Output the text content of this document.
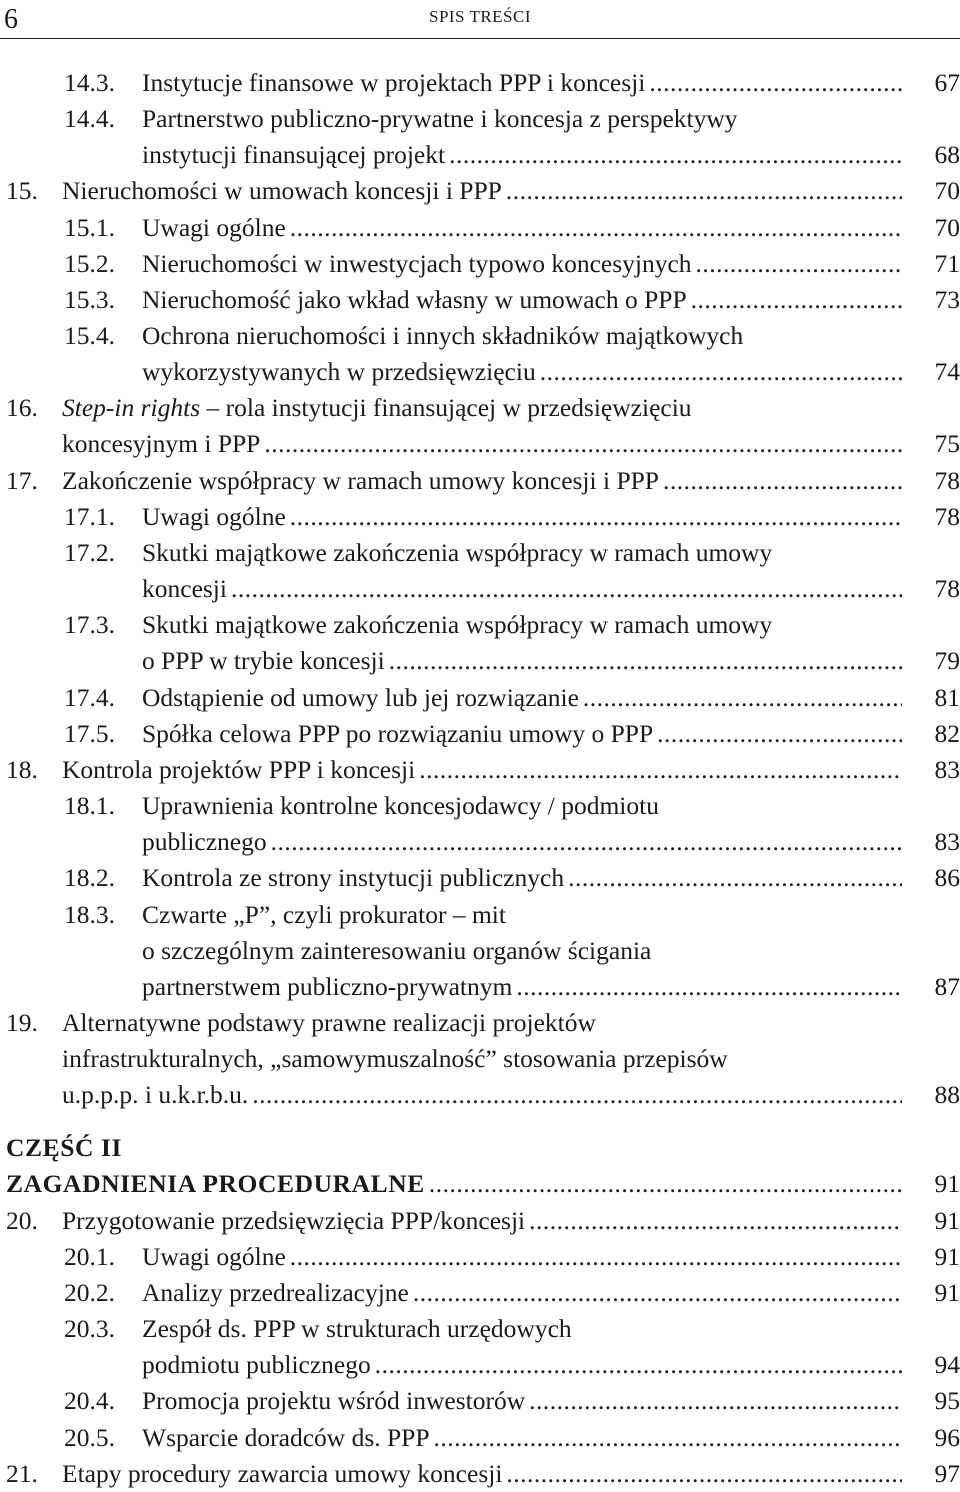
6	SPIS TREŚCI
14.3. Instytucje finansowe w projektach PPP i koncesji .....	67
14.4. Partnerstwo publiczno-prywatne i koncesja z perspektywy
instytucji finansującej projekt .....	68
15. Nieruchomości w umowach koncesji i PPP .....	70
15.1. Uwagi ogólne .....	70
15.2. Nieruchomości w inwestycjach typowo koncesyjnych .....	71
15.3. Nieruchomość jako wkład własny w umowach o PPP .....	73
15.4. Ochrona nieruchomości i innych składników majątkowych
wykorzystywanych w przedsięwzięciu .....	74
16. Step-in rights – rola instytucji finansującej w przedsięwzięciu
koncesyjnym i PPP .....	75
17. Zakończenie współpracy w ramach umowy koncesji i PPP .....	78
17.1. Uwagi ogólne .....	78
17.2. Skutki majątkowe zakończenia współpracy w ramach umowy
koncesji .....	78
17.3. Skutki majątkowe zakończenia współpracy w ramach umowy
o PPP w trybie koncesji .....	79
17.4. Odstąpienie od umowy lub jej rozwiązanie .....	81
17.5. Spółka celowa PPP po rozwiązaniu umowy o PPP .....	82
18. Kontrola projektów PPP i koncesji .....	83
18.1. Uprawnienia kontrolne koncesjodawcy / podmiotu
publicznego .....	83
18.2. Kontrola ze strony instytucji publicznych .....	86
18.3. Czwarte „P”, czyli prokurator – mit
o szczególnym zainteresowaniu organów ścigania
partnerstwem publiczno-prywatnym .....	87
19. Alternatywne podstawy prawne realizacji projektów
infrastrukturalnych, „samowymuszalność” stosowania przepisów
u.p.p.p. i u.k.r.b.u. .....	88
CZĘŚĆ II
ZAGADNIENIA PROCEDURALNE .....	91
20. Przygotowanie przedsięwzięcia PPP/koncesji .....	91
20.1. Uwagi ogólne .....	91
20.2. Analizy przedrealizacyjne .....	91
20.3. Zespół ds. PPP w strukturach urzędowych
podmiotu publicznego .....	94
20.4. Promocja projektu wśród inwestorów .....	95
20.5. Wsparcie doradców ds. PPP .....	96
21. Etapy procedury zawarcia umowy koncesji .....	97
